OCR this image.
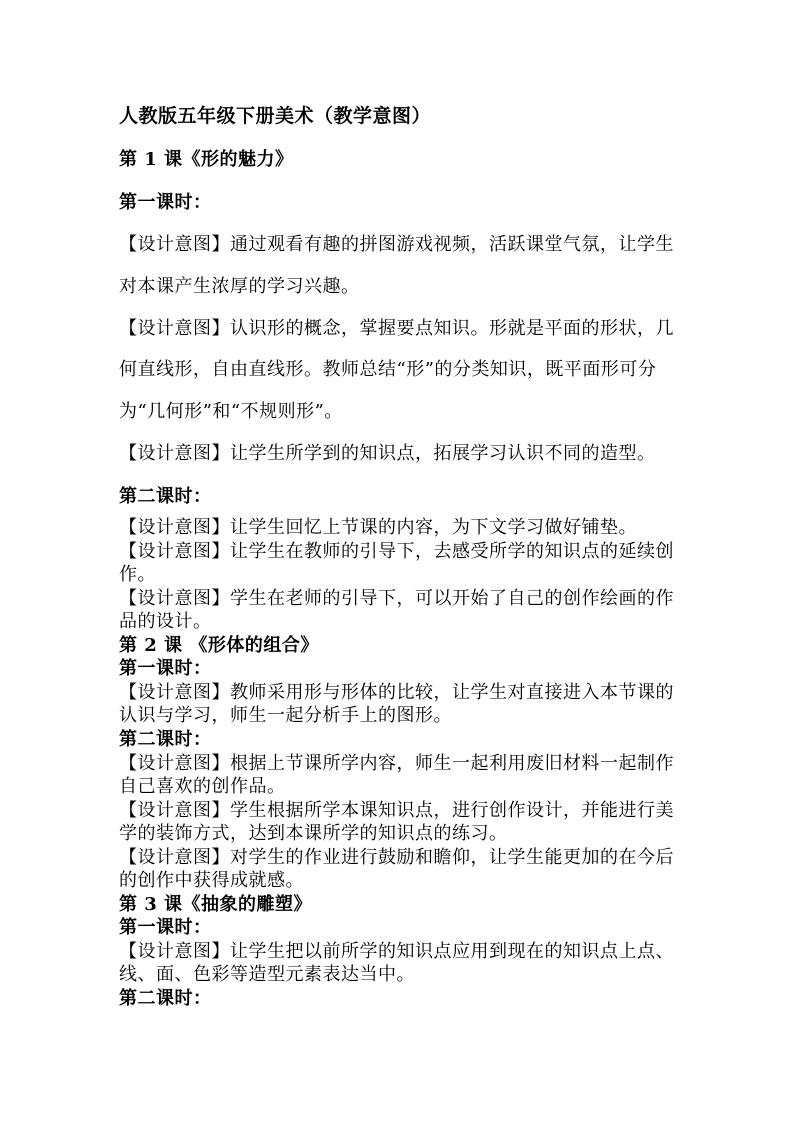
人教版五年级下册美术（教学意图）
第 1 课《形的魅力》
第一课时：
【设计意图】通过观看有趣的拼图游戏视频，活跃课堂气氛，让学生
对本课产生浓厚的学习兴趣。
【设计意图】认识形的概念，掌握要点知识。形就是平面的形状，几
何直线形，自由直线形。教师总结“形”的分类知识，既平面形可分
为“几何形”和“不规则形”。
【设计意图】让学生所学到的知识点，拓展学习认识不同的造型。
第二课时：
【设计意图】让学生回忆上节课的内容，为下文学习做好铺垫。
【设计意图】让学生在教师的引导下，去感受所学的知识点的延续创
作。
【设计意图】学生在老师的引导下，可以开始了自己的创作绘画的作
品的设计。
第 2 课 《形体的组合》
第一课时：
【设计意图】教师采用形与形体的比较，让学生对直接进入本节课的
认识与学习，师生一起分析手上的图形。
第二课时：
【设计意图】根据上节课所学内容，师生一起利用废旧材料一起制作
自己喜欢的创作品。
【设计意图】学生根据所学本课知识点，进行创作设计，并能进行美
学的装饰方式，达到本课所学的知识点的练习。
【设计意图】对学生的作业进行鼓励和瞻仰，让学生能更加的在今后
的创作中获得成就感。
第 3 课《抽象的雕塑》
第一课时：
【设计意图】让学生把以前所学的知识点应用到现在的知识点上点、
线、面、色彩等造型元素表达当中。
第二课时：
